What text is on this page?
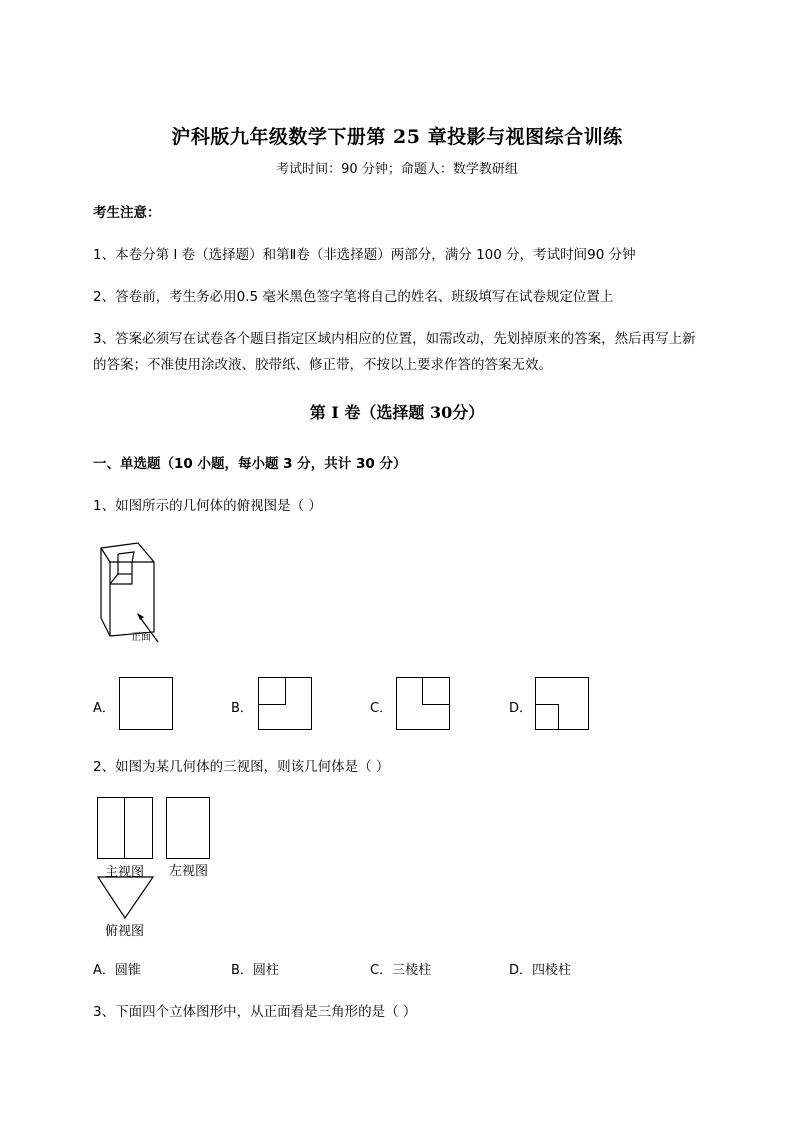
沪科版九年级数学下册第 25 章投影与视图综合训练
考试时间：90 分钟；命题人：数学教研组
考生注意：
1、本卷分第 I 卷（选择题）和第Ⅱ卷（非选择题）两部分，满分 100 分，考试时间90 分钟
2、答卷前，考生务必用0.5 毫米黑色签字笔将自己的姓名、班级填写在试卷规定位置上
3、答案必须写在试卷各个题目指定区域内相应的位置，如需改动，先划掉原来的答案，然后再写上新
的答案；不准使用涂改液、胶带纸、修正带，不按以上要求作答的答案无效。
第 I 卷（选择题 30分）
一、单选题（10 小题，每小题 3 分，共计 30 分）
1、如图所示的几何体的俯视图是（ ）
正面
A．	B．	C．	D．
2、如图为某几何体的三视图，则该几何体是（ ）
主视图 左视图
俯视图
A．圆锥	B．圆柱	C．三棱柱	D．四棱柱
3、下面四个立体图形中，从正面看是三角形的是（ ）
